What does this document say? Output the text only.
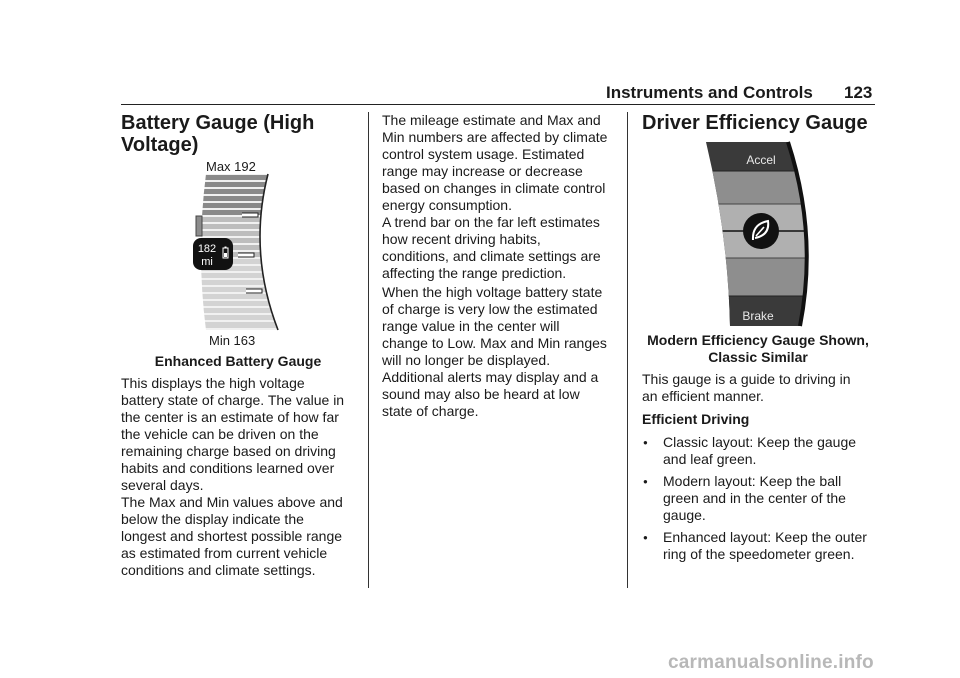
Instruments and Controls 123
Battery Gauge (High
Voltage)
Max 192
182
mi
Min 163
Enhanced Battery Gauge
This displays the high voltage
battery state of charge. The value in
the center is an estimate of how far
the vehicle can be driven on the
remaining charge based on driving
habits and conditions learned over
several days.
The Max and Min values above and
below the display indicate the
longest and shortest possible range
as estimated from current vehicle
conditions and climate settings.
The mileage estimate and Max and
Min numbers are affected by climate
control system usage. Estimated
range may increase or decrease
based on changes in climate control
energy consumption.
A trend bar on the far left estimates
how recent driving habits,
conditions, and climate settings are
affecting the range prediction.
When the high voltage battery state
of charge is very low the estimated
range value in the center will
change to Low. Max and Min ranges
will no longer be displayed.
Additional alerts may display and a
sound may also be heard at low
state of charge.
Driver Efficiency Gauge
Accel
Brake
Modern Efficiency Gauge Shown,
Classic Similar
This gauge is a guide to driving in
an efficient manner.
Efficient Driving
● Classic layout: Keep the gauge
and leaf green.
● Modern layout: Keep the ball
green and in the center of the
gauge.
● Enhanced layout: Keep the outer
ring of the speedometer green.
carmanualsonline.info
